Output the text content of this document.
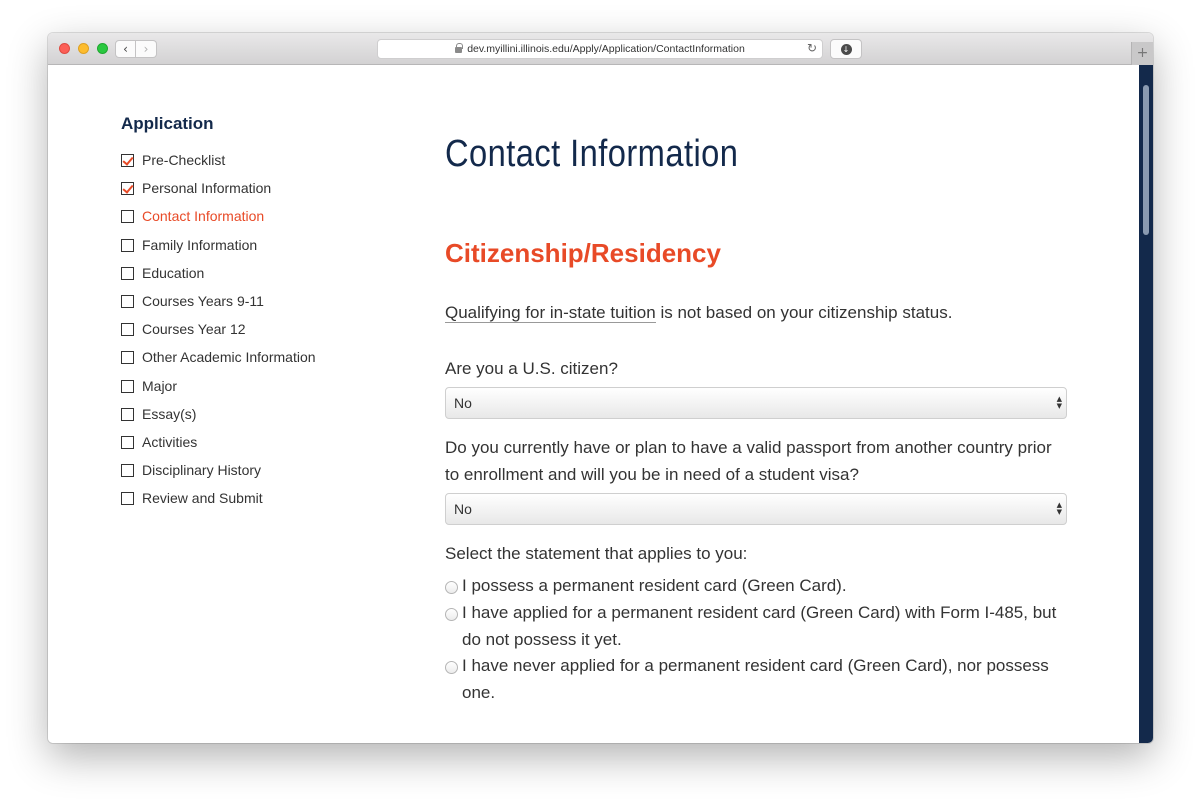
‹ ›	dev.myillini.illinois.edu/Apply/Application/ContactInformation	↻	↓	+
Application
Pre-Checklist
Personal Information
Contact Information
Family Information
Education
Courses Years 9-11
Courses Year 12
Other Academic Information
Major
Essay(s)
Activities
Disciplinary History
Review and Submit
Contact Information
Citizenship/Residency

Qualifying for in-state tuition is not based on your citizenship status.

Are you a U.S. citizen?
No	▲
▼
Do you currently have or plan to have a valid passport from another country prior to enrollment and will you be in need of a student visa?
No	▲
▼
Select the statement that applies to you:
I possess a permanent resident card (Green Card).
I have applied for a permanent resident card (Green Card) with Form I-485, but do not possess it yet.
I have never applied for a permanent resident card (Green Card), nor possess one.
